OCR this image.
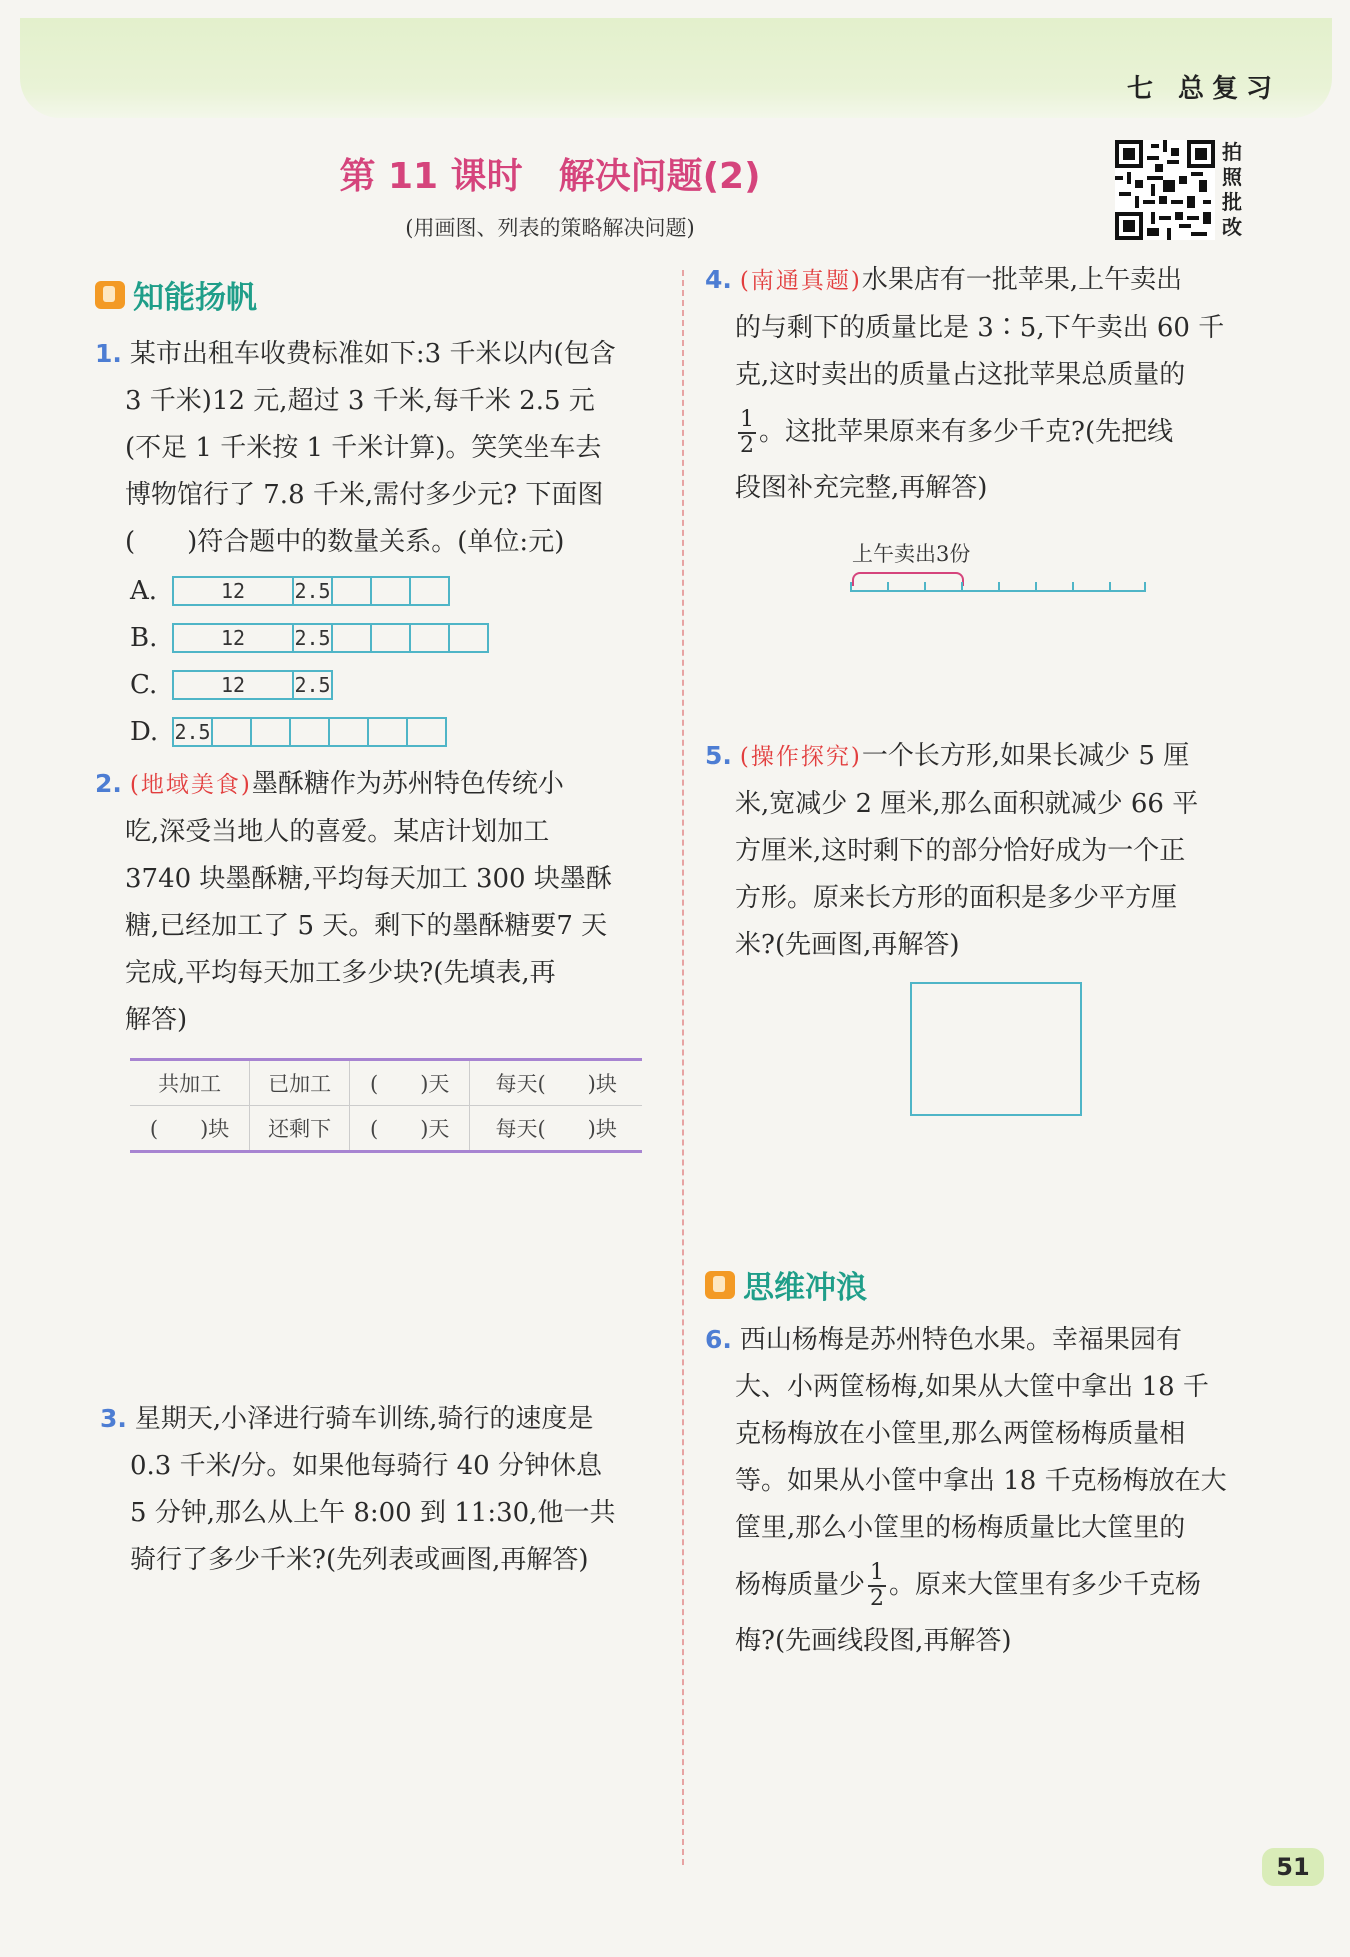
七 总复习
第 11 课时　解决问题(2)
(用画图、列表的策略解决问题)
拍
照
批
改
知能扬帆
1. 某市出租车收费标准如下:3 千米以内(包含
3 千米)12 元,超过 3 千米,每千米 2.5 元
(不足 1 千米按 1 千米计算)。笑笑坐车去
博物馆行了 7.8 千米,需付多少元? 下面图
(　　)符合题中的数量关系。(单位:元)
A.	12	2.5
B.	12	2.5
C.	12	2.5
D. 2.5
2. (地域美食)墨酥糖作为苏州特色传统小
吃,深受当地人的喜爱。某店计划加工
3740 块墨酥糖,平均每天加工 300 块墨酥
糖,已经加工了 5 天。剩下的墨酥糖要7 天
完成,平均每天加工多少块?(先填表,再
解答)
共加工	已加工	(　　)天	每天(　　)块
(　　)块	还剩下	(　　)天	每天(　　)块
3. 星期天,小泽进行骑车训练,骑行的速度是
0.3 千米/分。如果他每骑行 40 分钟休息
5 分钟,那么从上午 8:00 到 11:30,他一共
骑行了多少千米?(先列表或画图,再解答)
4. (南通真题)水果店有一批苹果,上午卖出
的与剩下的质量比是 3∶5,下午卖出 60 千
克,这时卖出的质量占这批苹果总质量的
$\frac{1}{2}$ 。这批苹果原来有多少千克?(先把线
段图补充完整,再解答)
上午卖出3份
5. (操作探究)一个长方形,如果长减少 5 厘
米,宽减少 2 厘米,那么面积就减少 66 平
方厘米,这时剩下的部分恰好成为一个正
方形。原来长方形的面积是多少平方厘
米?(先画图,再解答)
思维冲浪
6. 西山杨梅是苏州特色水果。幸福果园有
大、小两筐杨梅,如果从大筐中拿出 18 千
克杨梅放在小筐里,那么两筐杨梅质量相
等。如果从小筐中拿出 18 千克杨梅放在大
筐里,那么小筐里的杨梅质量比大筐里的
杨梅质量少 $\frac{1}{2}$ 。原来大筐里有多少千克杨
梅?(先画线段图,再解答)
51
